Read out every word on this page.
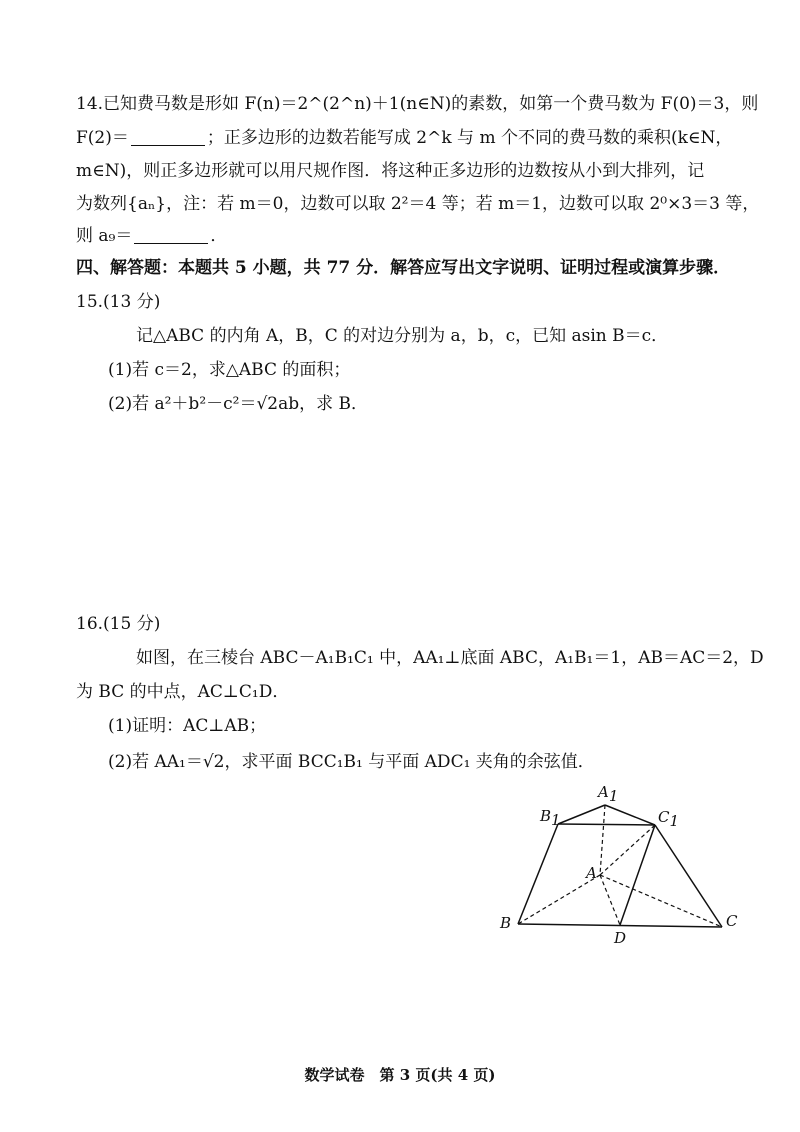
14.已知费马数是形如 F(n)＝2^(2^n)＋1(n∈N)的素数，如第一个费马数为 F(0)＝3，则
F(2)＝	；正多边形的边数若能写成 2^k 与 m 个不同的费马数的乘积(k∈N，
m∈N)，则正多边形就可以用尺规作图．将这种正多边形的边数按从小到大排列，记
为数列{aₙ}，注：若 m＝0，边数可以取 2²＝4 等；若 m＝1，边数可以取 2⁰×3＝3 等，
则 a₉＝	．
四、解答题：本题共 5 小题，共 77 分．解答应写出文字说明、证明过程或演算步骤．
15.(13 分)
记△ABC 的内角 A，B，C 的对边分别为 a，b，c，已知 asin B＝c．
(1)若 c＝2，求△ABC 的面积；
(2)若 a²＋b²－c²＝√2ab，求 B．
16.(15 分)
如图，在三棱台 ABC－A₁B₁C₁ 中，AA₁⊥底面 ABC，A₁B₁＝1，AB＝AC＝2，D
为 BC 的中点，AC⊥C₁D．
(1)证明：AC⊥AB；
(2)若 AA₁＝√2，求平面 BCC₁B₁ 与平面 ADC₁ 夹角的余弦值．
A1
B1	C1
A
B	C
D
数学试卷　第 3 页(共 4 页)
